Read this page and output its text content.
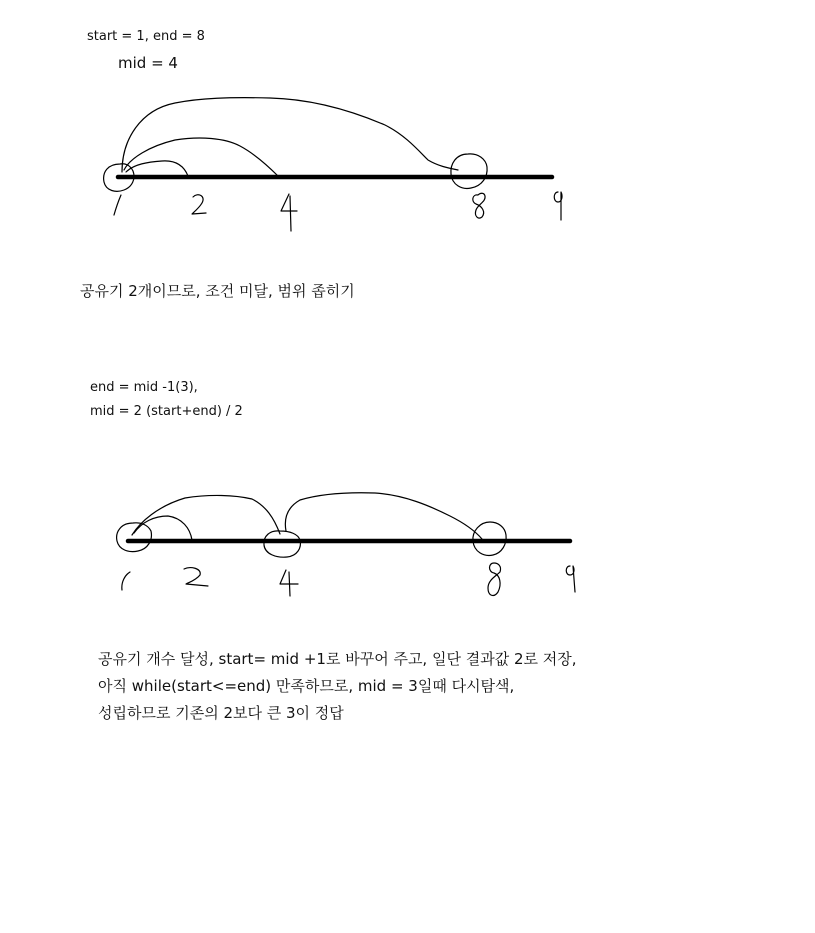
start = 1, end = 8
mid = 4
공유기 2개이므로, 조건 미달, 범위 좁히기
end = mid -1(3),
mid = 2 (start+end) / 2
공유기 개수 달성, start= mid +1로 바꾸어 주고, 일단 결과값 2로 저장,
아직 while(start<=end) 만족하므로, mid = 3일때 다시탐색,
성립하므로 기존의 2보다 큰 3이 정답
